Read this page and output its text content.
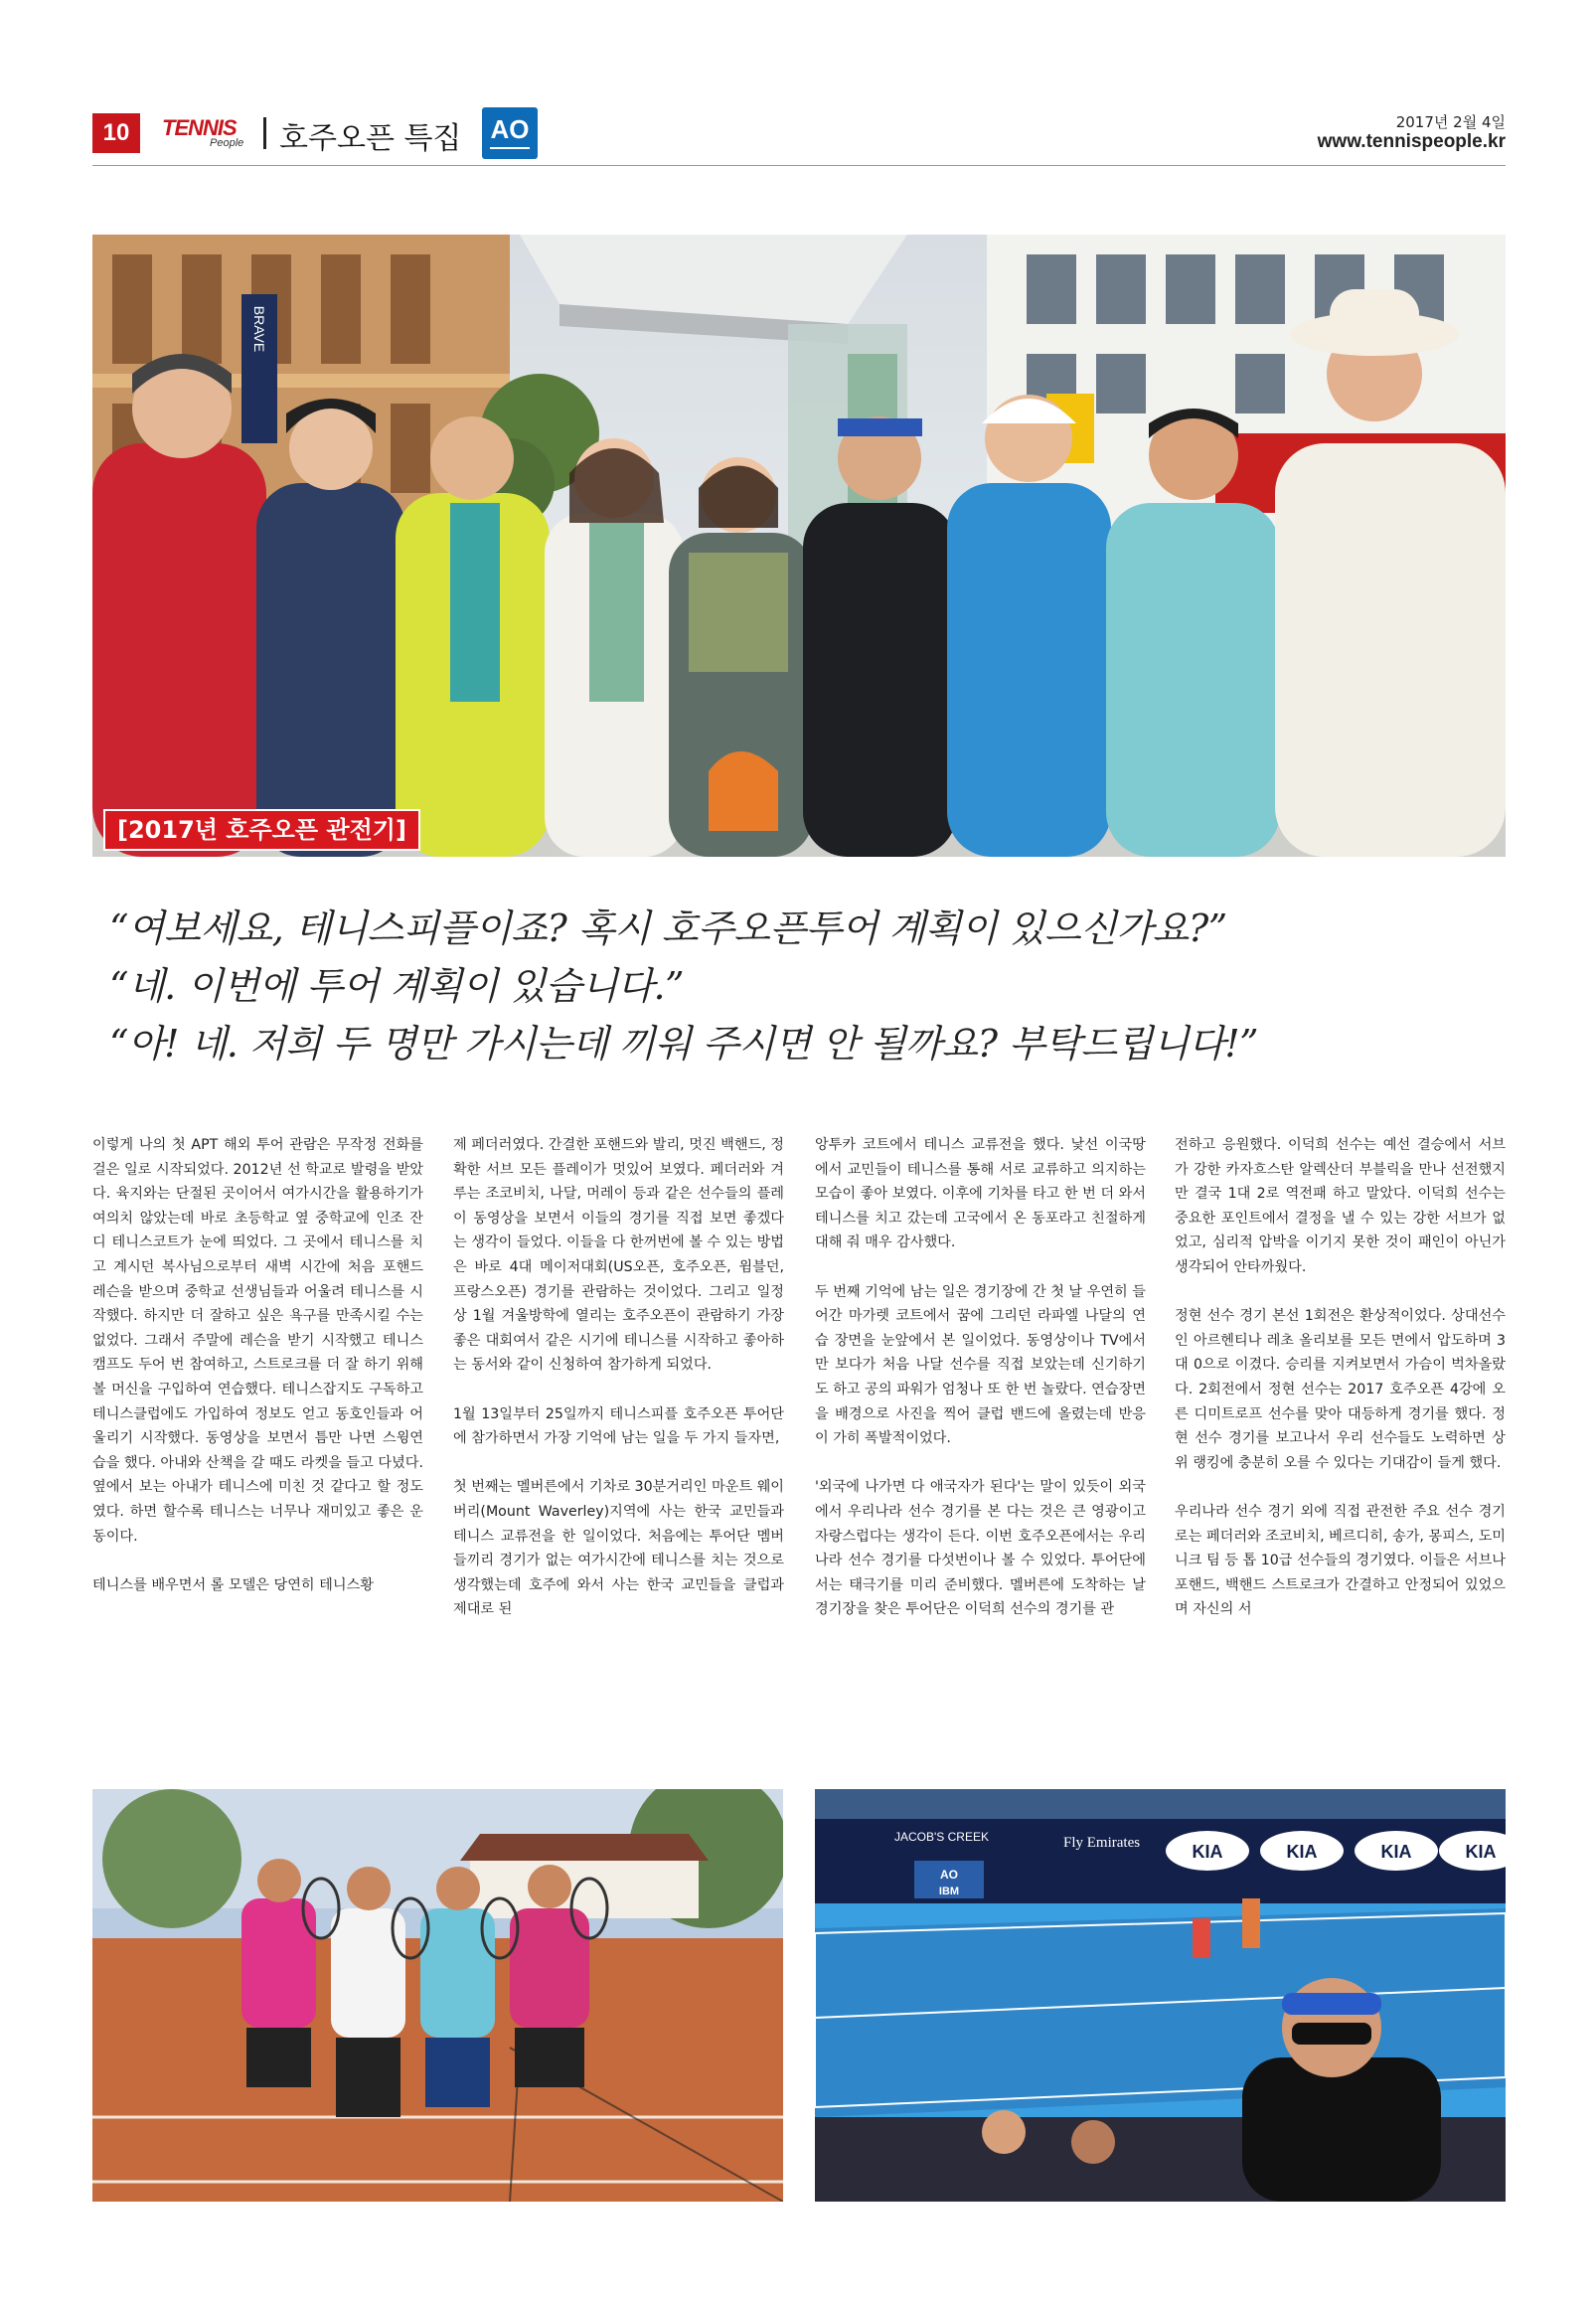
10	TENNIS
People 호주오픈 특집	AO	2017년 2월 4일
www.tennispeople.kr
BRAVE
[2017년 호주오픈 관전기]
“여보세요, 테니스피플이죠? 혹시 호주오픈투어 계획이 있으신가요?”
“네. 이번에 투어 계획이 있습니다.”
“아! 네. 저희 두 명만 가시는데 끼워 주시면 안 될까요? 부탁드립니다!”

이렇게 나의 첫 APT 해외 투어 관람은 무작정 전화를 걸은 일로 시작되었다. 2012년 선 학교로 발령을 받았다. 육지와는 단절된 곳이어서 여가시간을 활용하기가 여의치 않았는데 바로 초등학교 옆 중학교에 인조 잔디 테니스코트가 눈에 띄었다. 그 곳에서 테니스를 치고 계시던 복사님으로부터 새벽 시간에 처음 포핸드 레슨을 받으며 중학교 선생님들과 어울려 테니스를 시작했다. 하지만 더 잘하고 싶은 욕구를 만족시킬 수는 없었다. 그래서 주말에 레슨을 받기 시작했고 테니스 캠프도 두어 번 참여하고, 스트로크를 더 잘 하기 위해 볼 머신을 구입하여 연습했다. 테니스잡지도 구독하고 테니스클럽에도 가입하여 정보도 얻고 동호인들과 어울리기 시작했다. 동영상을 보면서 틈만 나면 스윙연습을 했다. 아내와 산책을 갈 때도 라켓을 들고 다녔다. 옆에서 보는 아내가 테니스에 미친 것 같다고 할 정도였다. 하면 할수록 테니스는 너무나 재미있고 좋은 운동이다.

테니스를 배우면서 롤 모델은 당연히 테니스황

제 페더러였다. 간결한 포핸드와 발리, 멋진 백핸드, 정확한 서브 모든 플레이가 멋있어 보였다. 페더러와 겨루는 조코비치, 나달, 머레이 등과 같은 선수들의 플레이 동영상을 보면서 이들의 경기를 직접 보면 좋겠다는 생각이 들었다. 이들을 다 한꺼번에 볼 수 있는 방법은 바로 4대 메이저대회(US오픈, 호주오픈, 윔블던, 프랑스오픈) 경기를 관람하는 것이었다. 그리고 일정상 1월 겨울방학에 열리는 호주오픈이 관람하기 가장 좋은 대회여서 같은 시기에 테니스를 시작하고 좋아하는 동서와 같이 신청하여 참가하게 되었다.

1월 13일부터 25일까지 테니스피플 호주오픈 투어단에 참가하면서 가장 기억에 남는 일을 두 가지 들자면,

첫 번째는 멜버른에서 기차로 30분거리인 마운트 웨이버리(Mount Waverley)지역에 사는 한국 교민들과 테니스 교류전을 한 일이었다. 처음에는 투어단 멤버들끼리 경기가 없는 여가시간에 테니스를 치는 것으로 생각했는데 호주에 와서 사는 한국 교민들을 클럽과 제대로 된

앙투카 코트에서 테니스 교류전을 했다. 낯선 이국땅에서 교민들이 테니스를 통해 서로 교류하고 의지하는 모습이 좋아 보였다. 이후에 기차를 타고 한 번 더 와서 테니스를 치고 갔는데 고국에서 온 동포라고 친절하게 대해 줘 매우 감사했다.

두 번째 기억에 남는 일은 경기장에 간 첫 날 우연히 들어간 마가렛 코트에서 꿈에 그리던 라파엘 나달의 연습 장면을 눈앞에서 본 일이었다. 동영상이나 TV에서만 보다가 처음 나달 선수를 직접 보았는데 신기하기도 하고 공의 파워가 엄청나 또 한 번 놀랐다. 연습장면을 배경으로 사진을 찍어 클럽 밴드에 올렸는데 반응이 가히 폭발적이었다.

'외국에 나가면 다 애국자가 된다'는 말이 있듯이 외국에서 우리나라 선수 경기를 본 다는 것은 큰 영광이고 자랑스럽다는 생각이 든다. 이번 호주오픈에서는 우리나라 선수 경기를 다섯번이나 볼 수 있었다. 투어단에서는 태극기를 미리 준비했다. 멜버른에 도착하는 날 경기장을 찾은 투어단은 이덕희 선수의 경기를 관

전하고 응원했다. 이덕희 선수는 예선 결승에서 서브가 강한 카자흐스탄 알렉산더 부블릭을 만나 선전했지만 결국 1대 2로 역전패 하고 말았다. 이덕희 선수는 중요한 포인트에서 결정을 낼 수 있는 강한 서브가 없었고, 심리적 압박을 이기지 못한 것이 패인이 아닌가 생각되어 안타까웠다.

정현 선수 경기 본선 1회전은 환상적이었다. 상대선수인 아르헨티나 레초 올리보를 모든 면에서 압도하며 3대 0으로 이겼다. 승리를 지켜보면서 가슴이 벅차올랐다. 2회전에서 정현 선수는 2017 호주오픈 4강에 오른 디미트로프 선수를 맞아 대등하게 경기를 했다. 정현 선수 경기를 보고나서 우리 선수들도 노력하면 상위 랭킹에 충분히 오를 수 있다는 기대감이 들게 했다.

우리나라 선수 경기 외에 직접 관전한 주요 선수 경기로는 페더러와 조코비치, 베르디히, 송가, 몽피스, 도미니크 팀 등 톱 10급 선수들의 경기였다. 이들은 서브나 포핸드, 백핸드 스트로크가 간결하고 안정되어 있었으며 자신의 서

JACOB'S CREEK	Fly Emirates	KIA	KIA	KIA	KIA
AO
IBM
